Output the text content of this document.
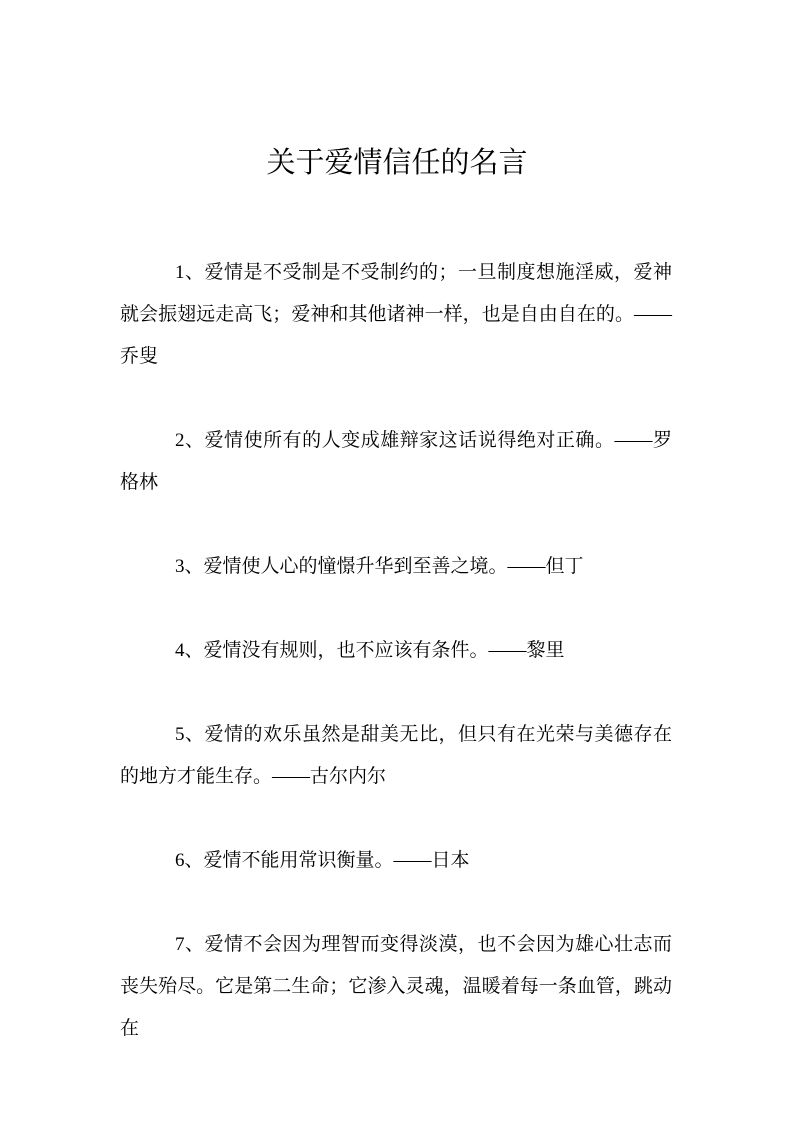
关于爱情信任的名言

1、爱情是不受制是不受制约的；一旦制度想施淫威，爱神就会振翅远走高飞；爱神和其他诸神一样，也是自由自在的。——乔叟

2、爱情使所有的人变成雄辩家这话说得绝对正确。——罗格林

3、爱情使人心的憧憬升华到至善之境。——但丁

4、爱情没有规则，也不应该有条件。——黎里

5、爱情的欢乐虽然是甜美无比，但只有在光荣与美德存在的地方才能生存。——古尔内尔

6、爱情不能用常识衡量。——日本

7、爱情不会因为理智而变得淡漠，也不会因为雄心壮志而丧失殆尽。它是第二生命；它渗入灵魂，温暖着每一条血管，跳动在
